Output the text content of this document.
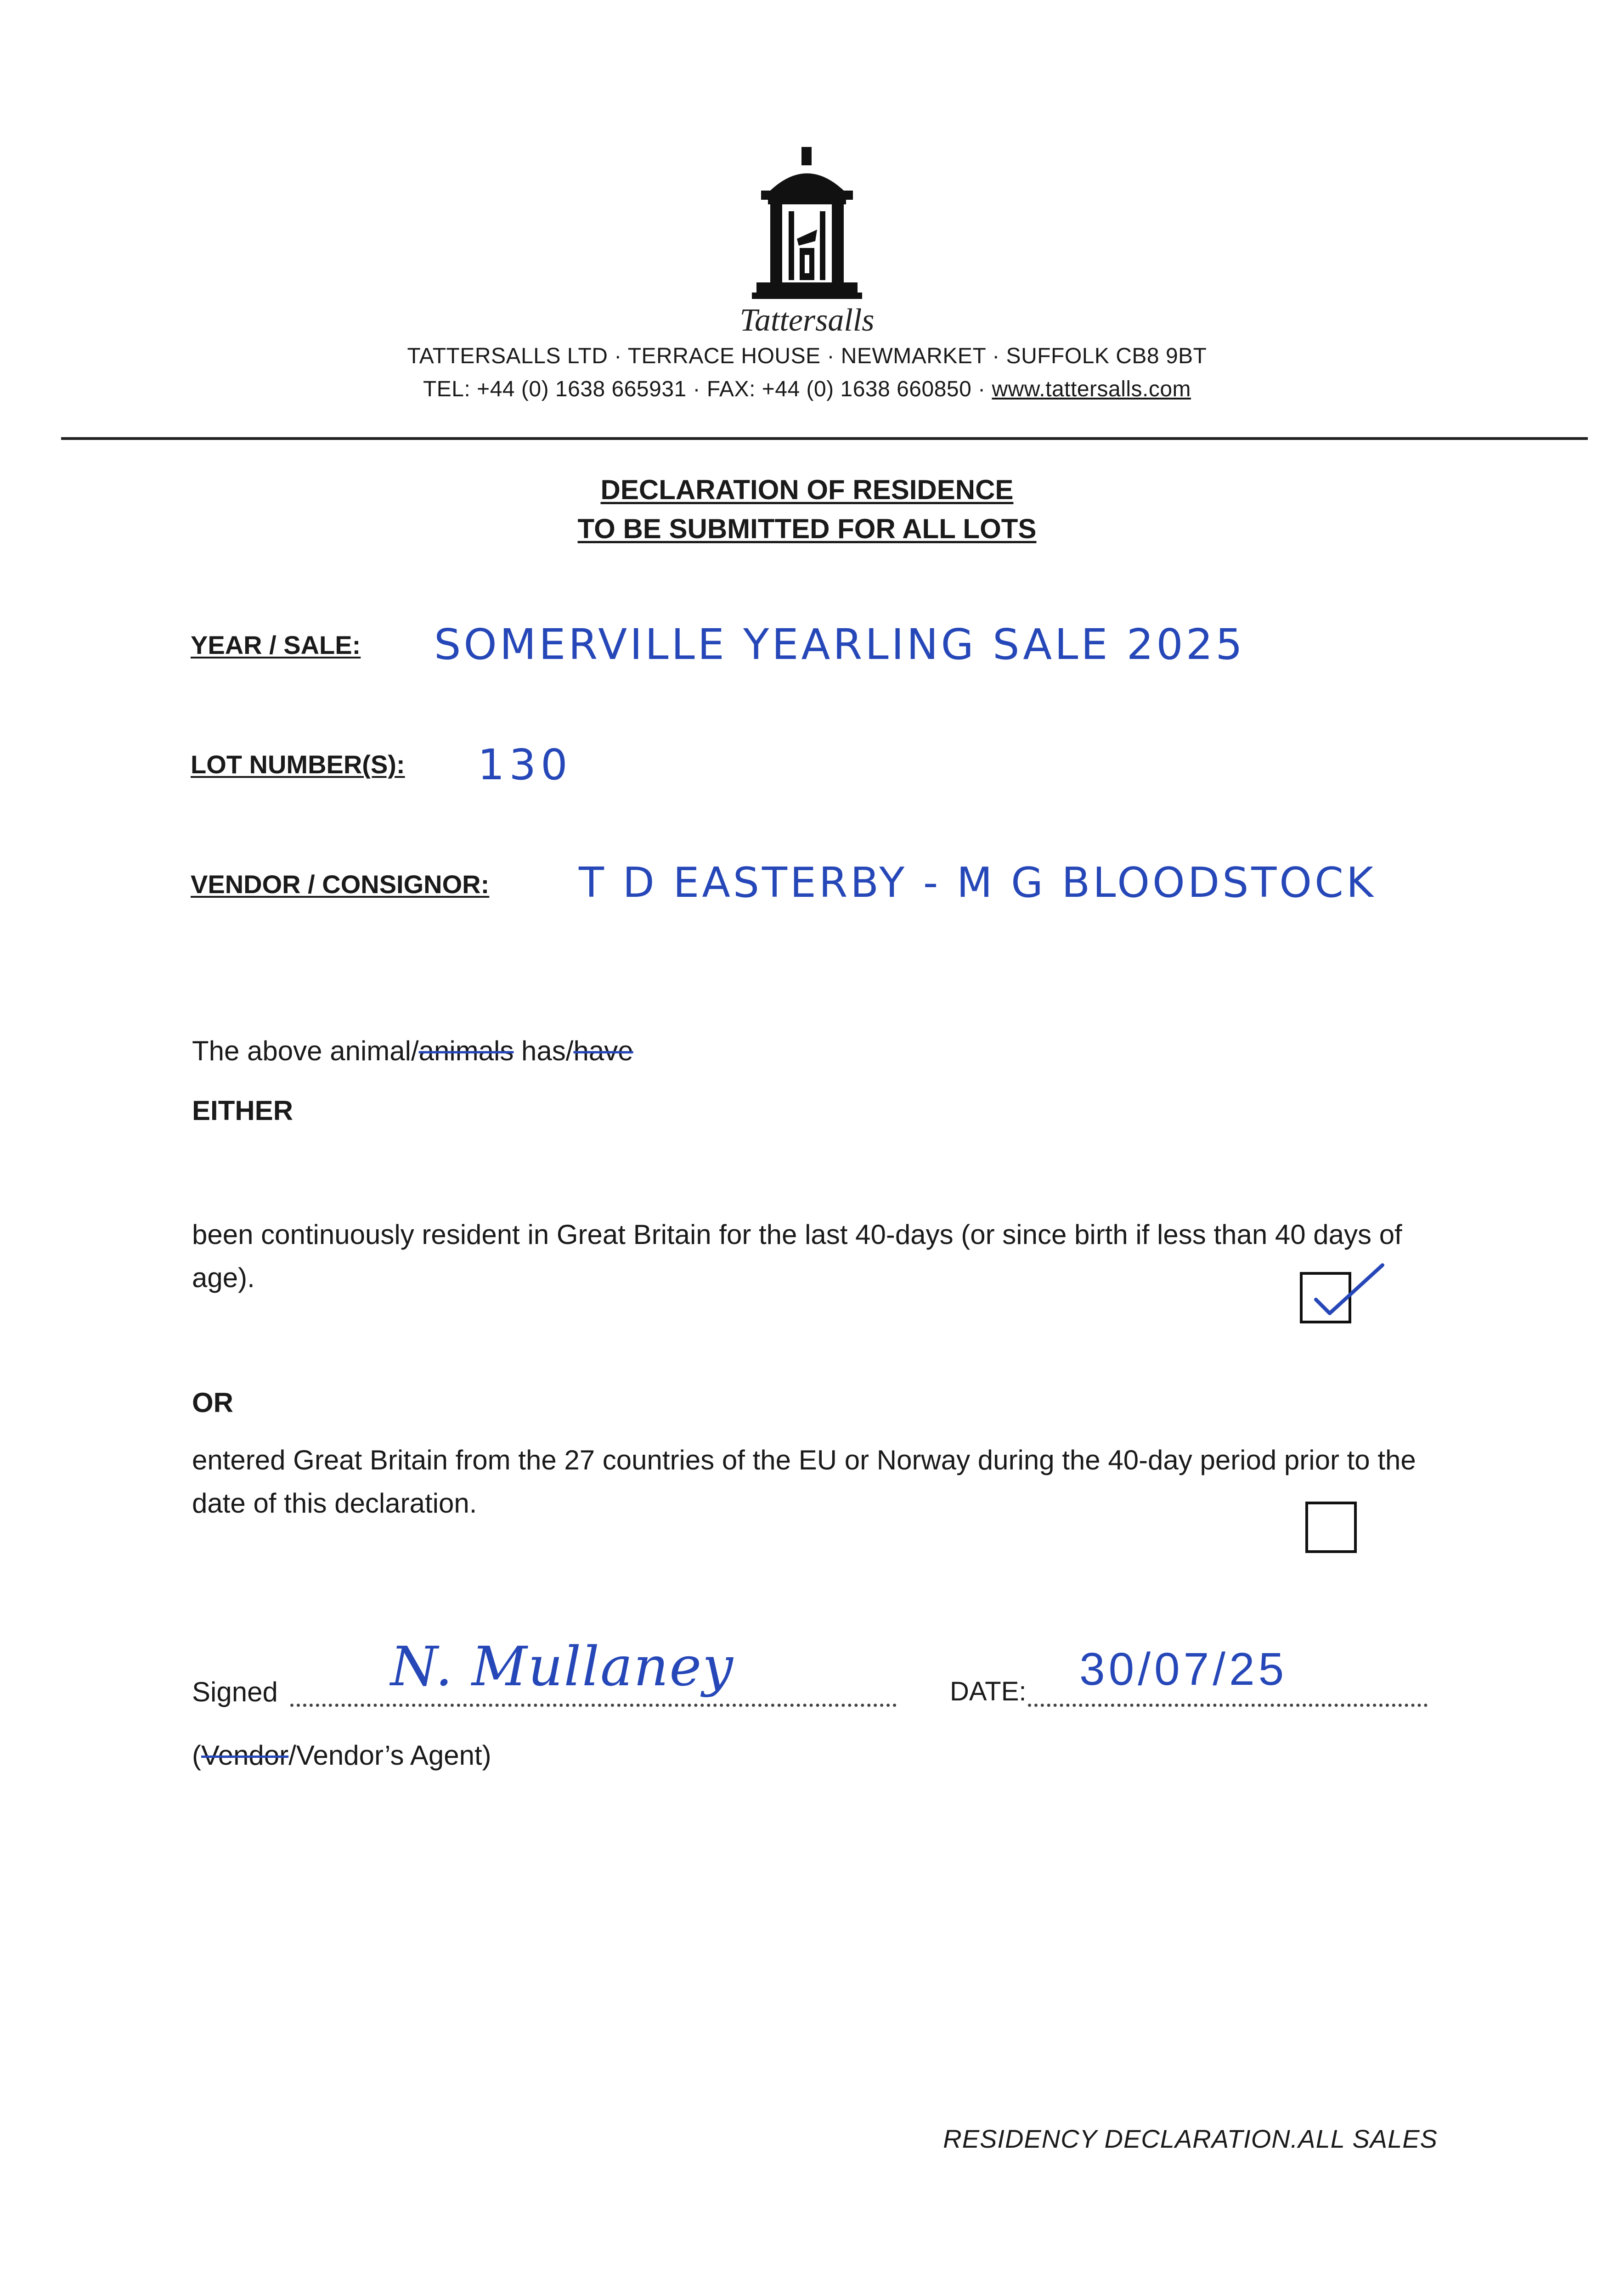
Tattersalls
TATTERSALLS LTD · TERRACE HOUSE · NEWMARKET · SUFFOLK CB8 9BT
TEL: +44 (0) 1638 665931 · FAX: +44 (0) 1638 660850 · www.tattersalls.com
DECLARATION OF RESIDENCE
TO BE SUBMITTED FOR ALL LOTS
YEAR / SALE: SOMERVILLE YEARLING SALE 2025
LOT NUMBER(S): 130
VENDOR / CONSIGNOR: T D EASTERBY - M G BLOODSTOCK
The above animal/animals has/have
EITHER
been continuously resident in Great Britain for the last 40-days (or since birth if less than 40 days of age).
OR
entered Great Britain from the 27 countries of the EU or Norway during the 40-day period prior to the date of this declaration.
Signed N. Mullaney	DATE: 30/07/25
(Vendor/Vendor’s Agent)
RESIDENCY DECLARATION.ALL SALES
